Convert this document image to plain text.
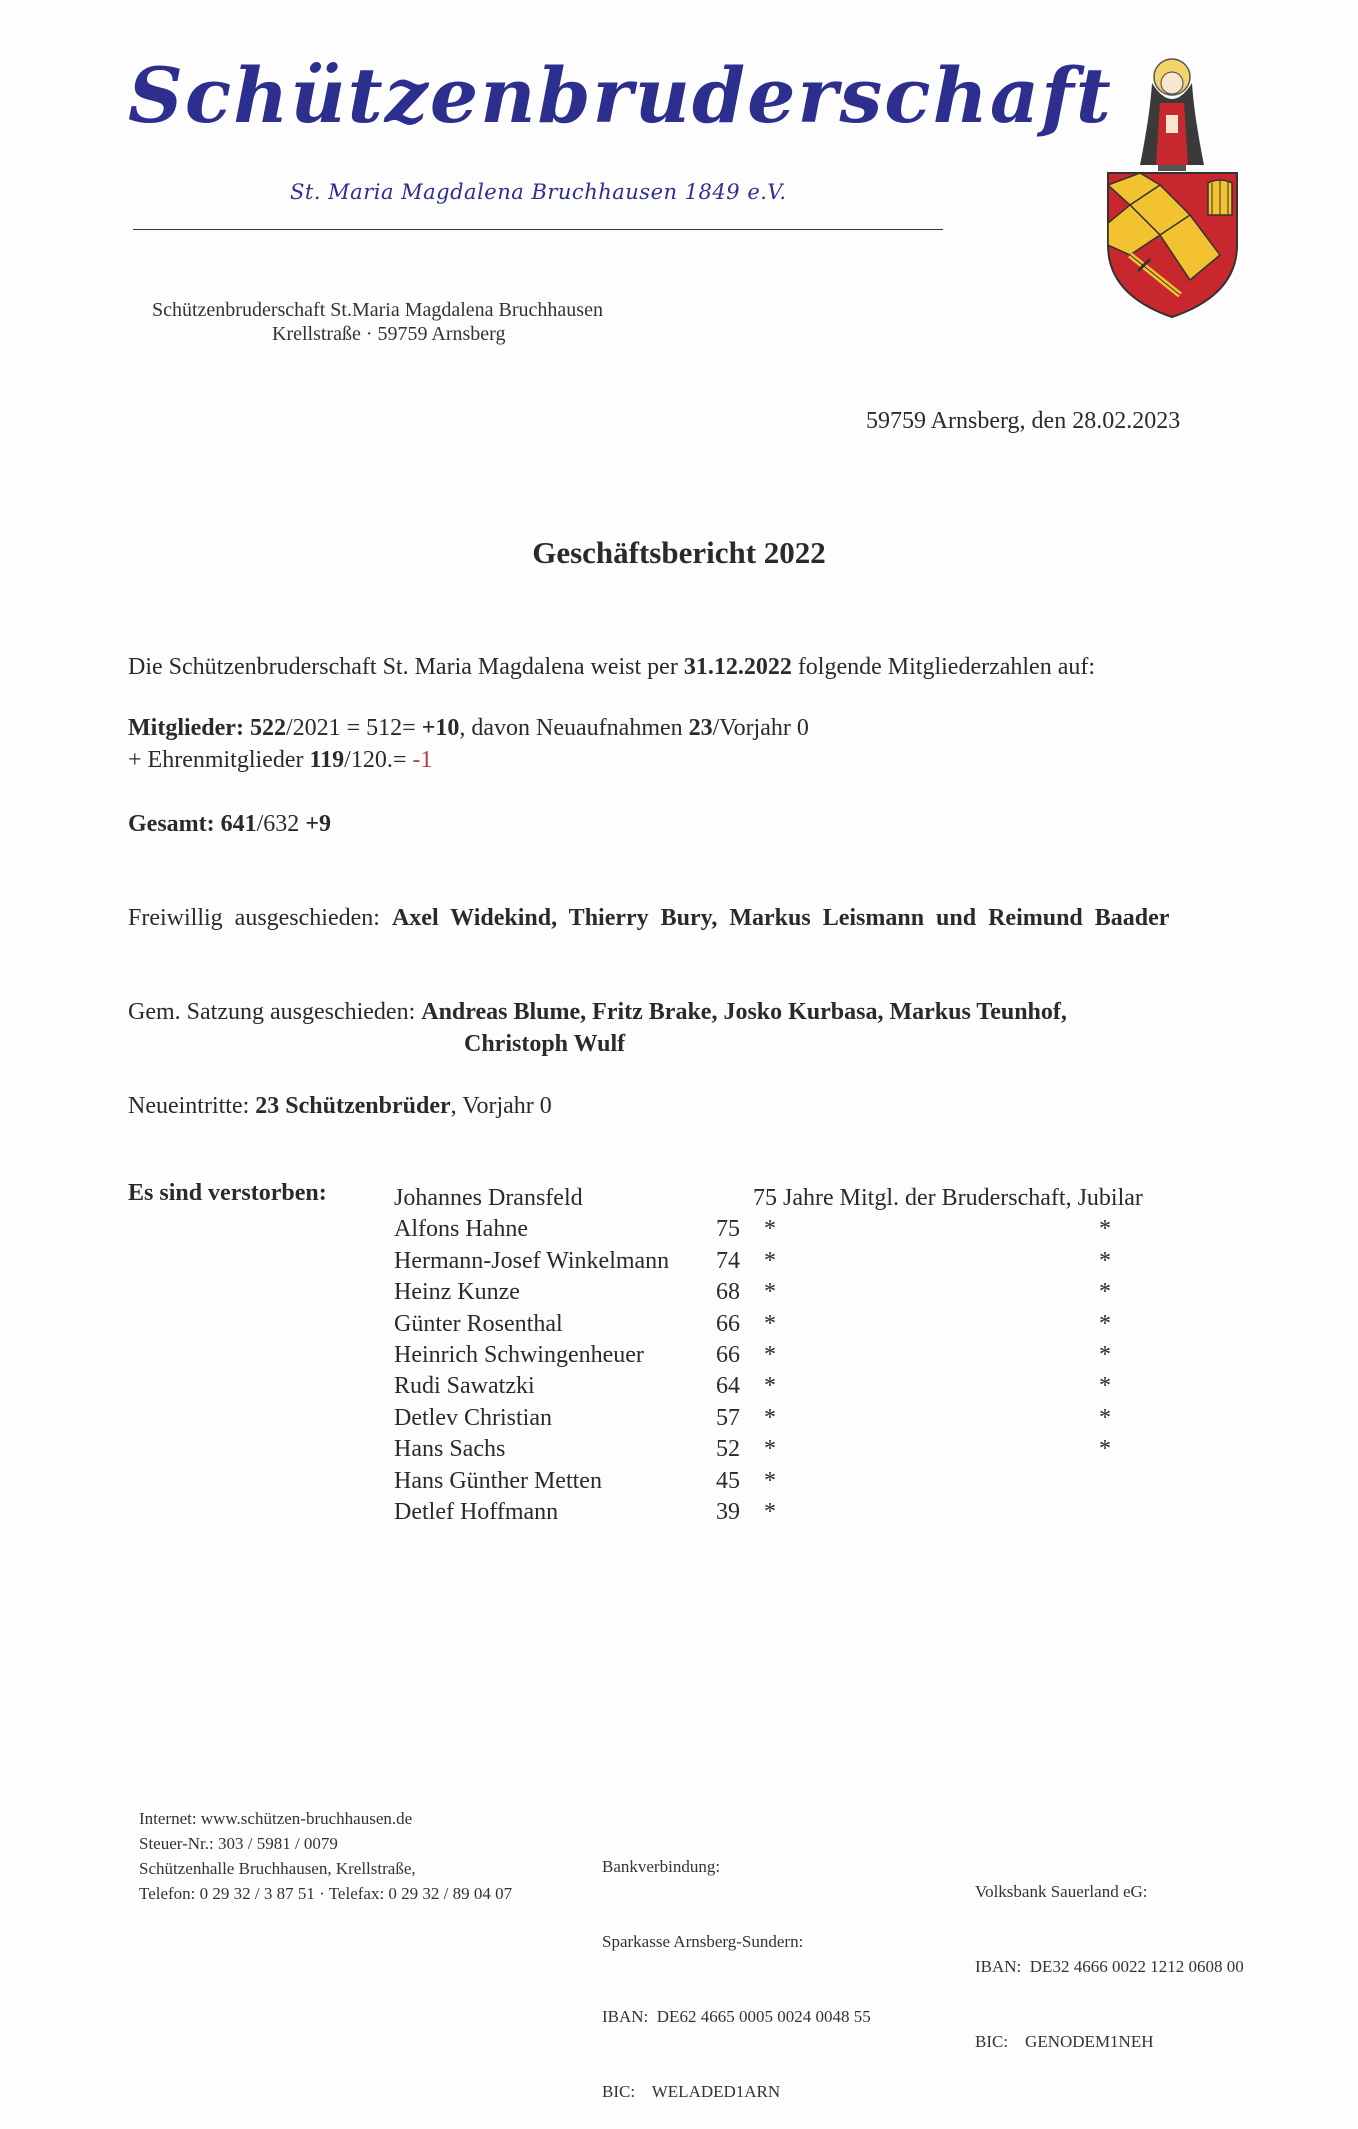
Schützenbruderschaft
St. Maria Magdalena Bruchhausen 1849 e.V.
Schützenbruderschaft St.Maria Magdalena Bruchhausen
Krellstraße · 59759 Arnsberg
59759 Arnsberg, den 28.02.2023
Geschäftsbericht 2022
Die Schützenbruderschaft St. Maria Magdalena weist per 31.12.2022 folgende Mitgliederzahlen auf:
Mitglieder: 522/2021 = 512= +10, davon Neuaufnahmen 23/Vorjahr 0
+ Ehrenmitglieder 119/120.= -1
Gesamt: 641/632 +9
Freiwillig ausgeschieden: Axel Widekind, Thierry Bury, Markus Leismann und Reimund Baader
Gem. Satzung ausgeschieden: Andreas Blume, Fritz Brake, Josko Kurbasa, Markus Teunhof,
Christoph Wulf
Neueintritte: 23 Schützenbrüder, Vorjahr 0
Es sind verstorben:	Johannes Dransfeld	75 Jahre Mitgl. der Bruderschaft, Jubilar
Alfons Hahne	75 *	*
Hermann-Josef Winkelmann 74 *	*
Heinz Kunze	68 *	*
Günter Rosenthal	66 *	*
Heinrich Schwingenheuer	66 *	*
Rudi Sawatzki	64 *	*
Detlev Christian	57 *	*
Hans Sachs	52 *	*
Hans Günther Metten	45 *
Detlef Hoffmann	39 *
Internet: www.schützen-bruchhausen.de
Steuer-Nr.: 303 / 5981 / 0079
Schützenhalle Bruchhausen, Krellstraße,
Telefon: 0 29 32 / 3 87 51 · Telefax: 0 29 32 / 89 04 07

Bankverbindung:

Sparkasse Arnsberg-Sundern:

IBAN:  DE62 4665 0005 0024 0048 55

BIC:    WELADED1ARN

Volksbank Sauerland eG:

IBAN:  DE32 4666 0022 1212 0608 00

BIC:    GENODEM1NEH
